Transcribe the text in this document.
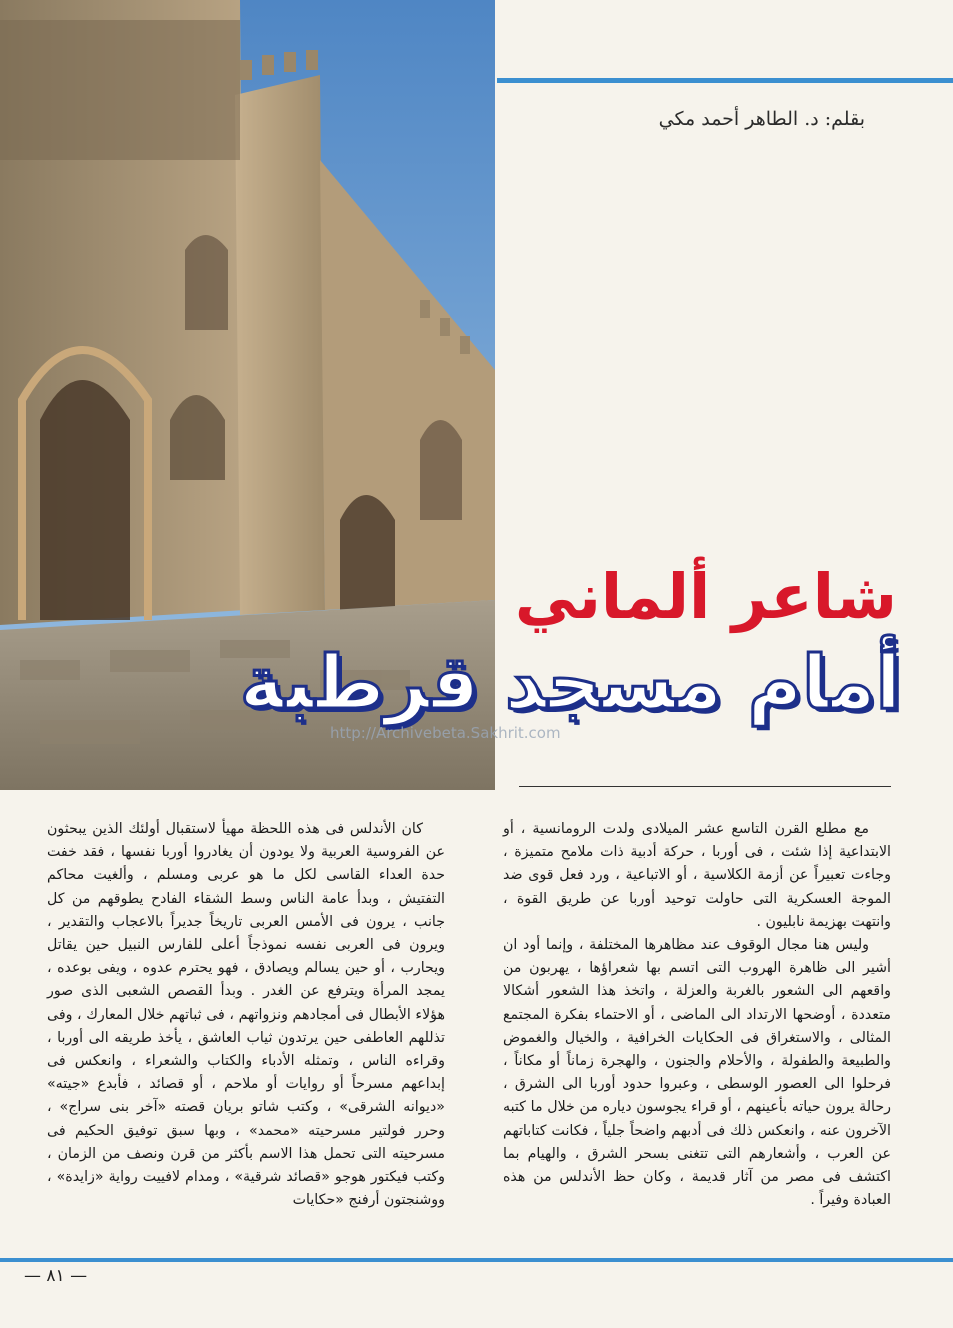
بقلم: د. الطاهر أحمد مكي
شاعر ألماني
أمام مسجد قرطبة
http://Archivebeta.Sakhrit.com

مع مطلع القرن التاسع عشر الميلادى ولدت الرومانسية ، أو الابتداعية إذا شئت ، فى أوربا ، حركة أدبية ذات ملامح متميزة ، وجاءت تعبيراً عن أزمة الكلاسية ، أو الاتباعية ، ورد فعل قوى ضد الموجة العسكرية التى حاولت توحيد أوربا عن طريق القوة ، وانتهت بهزيمة نابليون .

وليس هنا مجال الوقوف عند مظاهرها المختلفة ، وإنما أود ان أشير الى ظاهرة الهروب التى اتسم بها شعراؤها ، يهربون من واقعهم الى الشعور بالغربة والعزلة ، واتخذ هذا الشعور أشكالا متعددة ، أوضحها الارتداد الى الماضى ، أو الاحتماء بفكرة المجتمع المثالى ، والاستغراق فى الحكايات الخرافية ، والخيال والغموض والطبيعة والطفولة ، والأحلام والجنون ، والهجرة زماناً أو مكاناً ، فرحلوا الى العصور الوسطى ، وعبروا حدود أوربا الى الشرق ، رحالة يرون حياته بأعينهم ، أو قراء يجوسون دياره من خلال ما كتبه الآخرون عنه ، وانعكس ذلك فى أدبهم واضحاً جلياً ، فكانت كتاباتهم عن العرب ، وأشعارهم التى تتغنى بسحر الشرق ، والهيام بما اكتشف فى مصر من آثار قديمة ، وكان حظ الأندلس من هذه العبادة وفيراً .

كان الأندلس فى هذه اللحظة مهيأ لاستقبال أولئك الذين يبحثون عن الفروسية العربية ولا يودون أن يغادروا أوربا نفسها ، فقد خفت حدة العداء القاسى لكل ما هو عربى ومسلم ، وألغيت محاكم التفتيش ، وبدأ عامة الناس وسط الشقاء الفادح يطوقهم من كل جانب ، يرون فى الأمس العربى تاريخاً جديراً بالاعجاب والتقدير ، ويرون فى العربى نفسه نموذجاً أعلى للفارس النبيل حين يقاتل ويحارب ، أو حين يسالم ويصادق ، فهو يحترم عدوه ، ويفى بوعده ، يمجد المرأة ويترفع عن الغدر . وبدأ القصص الشعبى الذى صور هؤلاء الأبطال فى أمجادهم ونزواتهم ، فى ثباتهم خلال المعارك ، وفى تذللهم العاطفى حين يرتدون ثياب العاشق ، يأخذ طريقه الى أوربا ، وقراءه الناس ، وتمثله الأدباء والكتاب والشعراء ، وانعكس فى إبداعهم مسرحاً أو روايات أو ملاحم ، أو قصائد ، فأبدع «جيته» «ديوانه الشرقى» ، وكتب شاتو بريان قصته «آخر بنى سراج» ، وحرر فولتير مسرحيته «محمد» ، وبها سبق توفيق الحكيم فى مسرحيته التى تحمل هذا الاسم بأكثر من قرن ونصف من الزمان ، وكتب فيكتور هوجو «قصائد شرقية» ، ومدام لافييت رواية «زايدة» ، ووشنجتون أرفنج «حكايات

— ٨١ —
